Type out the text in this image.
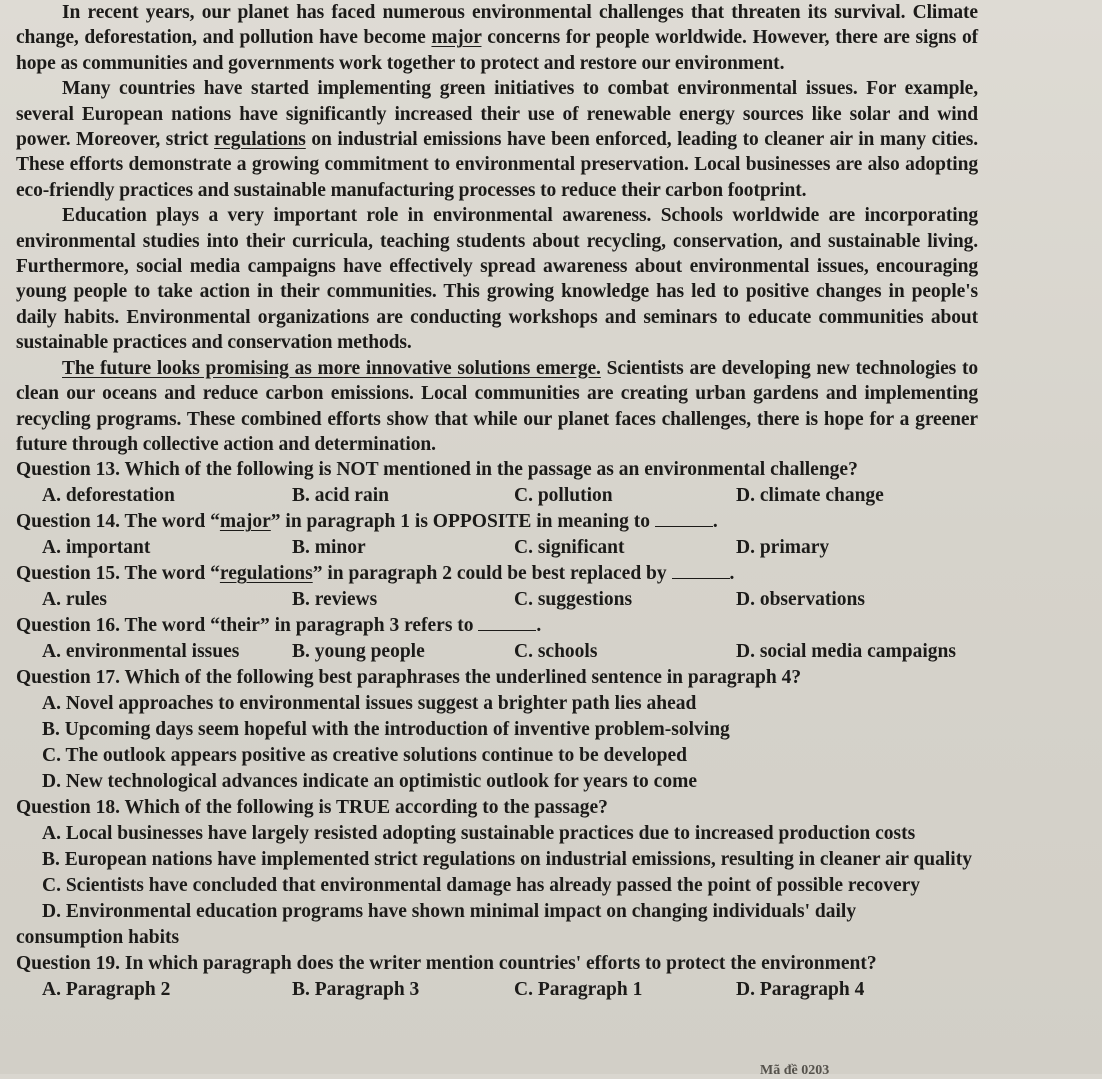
In recent years, our planet has faced numerous environmental challenges that threaten its survival. Climate change, deforestation, and pollution have become major concerns for people worldwide. However, there are signs of hope as communities and governments work together to protect and restore our environment.

Many countries have started implementing green initiatives to combat environmental issues. For example, several European nations have significantly increased their use of renewable energy sources like solar and wind power. Moreover, strict regulations on industrial emissions have been enforced, leading to cleaner air in many cities. These efforts demonstrate a growing commitment to environmental preservation. Local businesses are also adopting eco-friendly practices and sustainable manufacturing processes to reduce their carbon footprint.

Education plays a very important role in environmental awareness. Schools worldwide are incorporating environmental studies into their curricula, teaching students about recycling, conservation, and sustainable living. Furthermore, social media campaigns have effectively spread awareness about environmental issues, encouraging young people to take action in their communities. This growing knowledge has led to positive changes in people's daily habits. Environmental organizations are conducting workshops and seminars to educate communities about sustainable practices and conservation methods.

The future looks promising as more innovative solutions emerge. Scientists are developing new technologies to clean our oceans and reduce carbon emissions. Local communities are creating urban gardens and implementing recycling programs. These combined efforts show that while our planet faces challenges, there is hope for a greener future through collective action and determination.

Question 13. Which of the following is NOT mentioned in the passage as an environmental challenge?

A. deforestation	B. acid rain	C. pollution	D. climate change

Question 14. The word “major” in paragraph 1 is OPPOSITE in meaning to	.

A. important	B. minor	C. significant	D. primary

Question 15. The word “regulations” in paragraph 2 could be best replaced by	.

A. rules	B. reviews	C. suggestions	D. observations

Question 16. The word “their” in paragraph 3 refers to	.

A. environmental issues	B. young people	C. schools	D. social media campaigns

Question 17. Which of the following best paraphrases the underlined sentence in paragraph 4?

A. Novel approaches to environmental issues suggest a brighter path lies ahead

B. Upcoming days seem hopeful with the introduction of inventive problem-solving

C. The outlook appears positive as creative solutions continue to be developed

D. New technological advances indicate an optimistic outlook for years to come

Question 18. Which of the following is TRUE according to the passage?

A. Local businesses have largely resisted adopting sustainable practices due to increased production costs

B. European nations have implemented strict regulations on industrial emissions, resulting in cleaner air quality

C. Scientists have concluded that environmental damage has already passed the point of possible recovery

D. Environmental education programs have shown minimal impact on changing individuals' daily

consumption habits

Question 19. In which paragraph does the writer mention countries' efforts to protect the environment?

A. Paragraph 2	B. Paragraph 3	C. Paragraph 1	D. Paragraph 4
Mã đề 0203
